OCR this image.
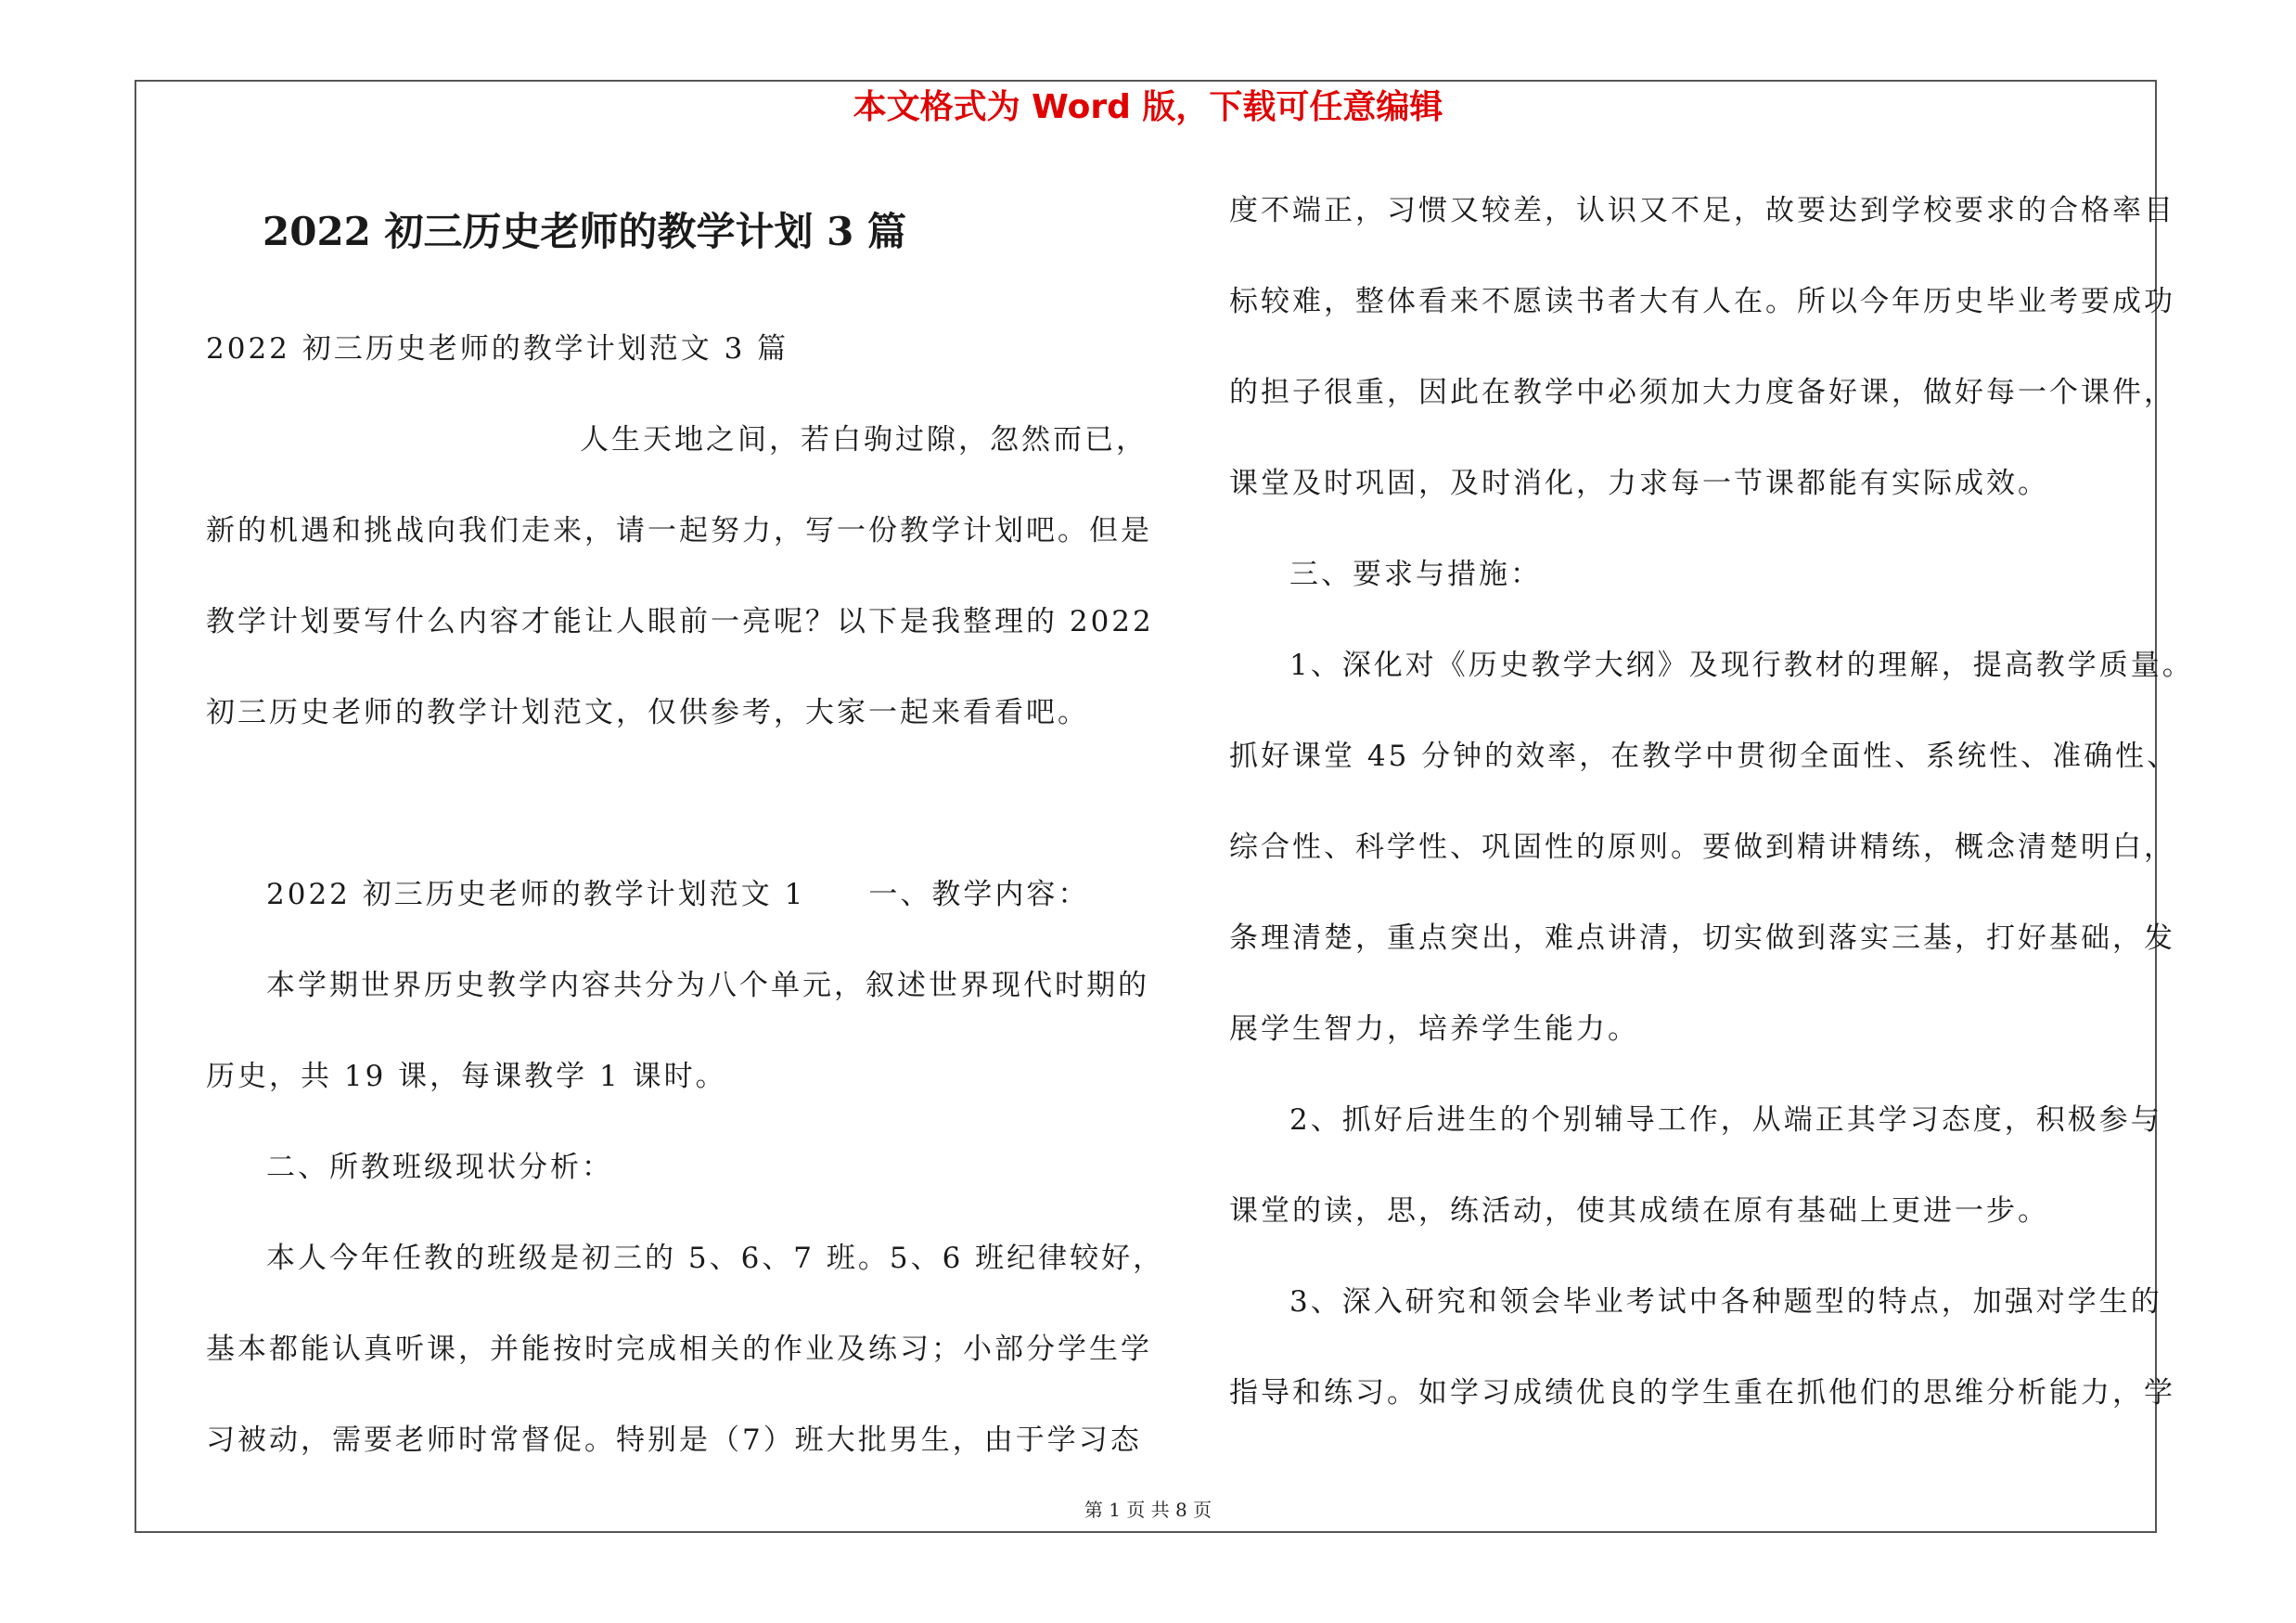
本文格式为 Word 版，下载可任意编辑
2022 初三历史老师的教学计划 3 篇
2022 初三历史老师的教学计划范文 3 篇
人生天地之间，若白驹过隙，忽然而已，
新的机遇和挑战向我们走来，请一起努力，写一份教学计划吧。但是
教学计划要写什么内容才能让人眼前一亮呢？以下是我整理的 2022
初三历史老师的教学计划范文，仅供参考，大家一起来看看吧。
2022 初三历史老师的教学计划范文 1　　一、教学内容：
本学期世界历史教学内容共分为八个单元，叙述世界现代时期的
历史，共 19 课，每课教学 1 课时。
二、所教班级现状分析：
本人今年任教的班级是初三的 5、6、7 班。5、6 班纪律较好，
基本都能认真听课，并能按时完成相关的作业及练习；小部分学生学
习被动，需要老师时常督促。特别是（7）班大批男生，由于学习态
度不端正，习惯又较差，认识又不足，故要达到学校要求的合格率目
标较难，整体看来不愿读书者大有人在。所以今年历史毕业考要成功
的担子很重，因此在教学中必须加大力度备好课，做好每一个课件，
课堂及时巩固，及时消化，力求每一节课都能有实际成效。
三、要求与措施：
1、深化对《历史教学大纲》及现行教材的理解，提高教学质量。
抓好课堂 45 分钟的效率，在教学中贯彻全面性、系统性、准确性、
综合性、科学性、巩固性的原则。要做到精讲精练，概念清楚明白，
条理清楚，重点突出，难点讲清，切实做到落实三基，打好基础，发
展学生智力，培养学生能力。
2、抓好后进生的个别辅导工作，从端正其学习态度，积极参与
课堂的读，思，练活动，使其成绩在原有基础上更进一步。
3、深入研究和领会毕业考试中各种题型的特点，加强对学生的
指导和练习。如学习成绩优良的学生重在抓他们的思维分析能力，学
第 1 页 共 8 页
